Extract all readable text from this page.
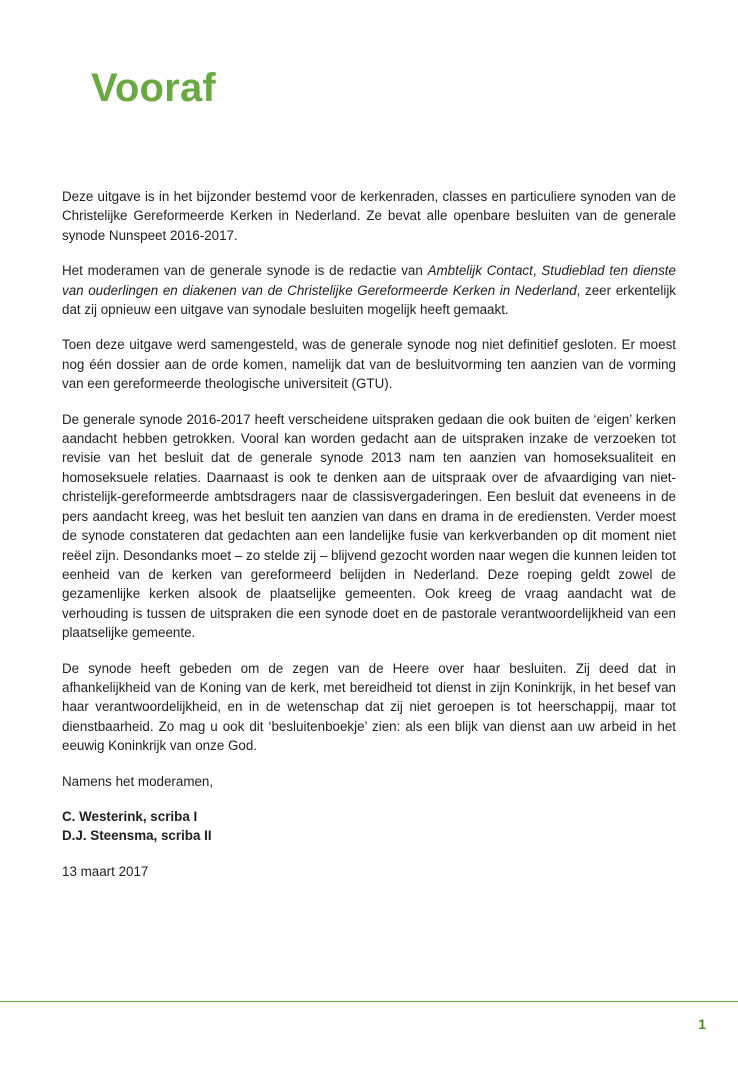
Vooraf

Deze uitgave is in het bijzonder bestemd voor de kerkenraden, classes en particuliere synoden van de Christelijke Gereformeerde Kerken in Nederland. Ze bevat alle openbare besluiten van de generale synode Nunspeet 2016-2017.

Het moderamen van de generale synode is de redactie van Ambtelijk Contact, Studieblad ten dienste van ouderlingen en diakenen van de Christelijke Gereformeerde Kerken in Nederland, zeer erkentelijk dat zij opnieuw een uitgave van synodale besluiten mogelijk heeft gemaakt.

Toen deze uitgave werd samengesteld, was de generale synode nog niet definitief gesloten. Er moest nog één dossier aan de orde komen, namelijk dat van de besluitvorming ten aanzien van de vorming van een gereformeerde theologische universiteit (GTU).

De generale synode 2016-2017 heeft verscheidene uitspraken gedaan die ook buiten de ‘eigen’ kerken aandacht hebben getrokken. Vooral kan worden gedacht aan de uitspraken inzake de verzoeken tot revisie van het besluit dat de generale synode 2013 nam ten aanzien van homoseksualiteit en homoseksuele relaties. Daarnaast is ook te denken aan de uitspraak over de afvaardiging van niet-christelijk-gereformeerde ambtsdragers naar de classisvergaderingen. Een besluit dat eveneens in de pers aandacht kreeg, was het besluit ten aanzien van dans en drama in de erediensten. Verder moest de synode constateren dat gedachten aan een landelijke fusie van kerkverbanden op dit moment niet reëel zijn. Desondanks moet – zo stelde zij – blijvend gezocht worden naar wegen die kunnen leiden tot eenheid van de kerken van gereformeerd belijden in Nederland. Deze roeping geldt zowel de gezamenlijke kerken alsook de plaatselijke gemeenten. Ook kreeg de vraag aandacht wat de verhouding is tussen de uitspraken die een synode doet en de pastorale verantwoordelijkheid van een plaatselijke gemeente.

De synode heeft gebeden om de zegen van de Heere over haar besluiten. Zij deed dat in afhankelijkheid van de Koning van de kerk, met bereidheid tot dienst in zijn Koninkrijk, in het besef van haar verantwoordelijkheid, en in de wetenschap dat zij niet geroepen is tot heerschappij, maar tot dienstbaarheid. Zo mag u ook dit ‘besluitenboekje’ zien: als een blijk van dienst aan uw arbeid in het eeuwig Koninkrijk van onze God.

Namens het moderamen,

C. Westerink, scriba I

D.J. Steensma, scriba II

13 maart 2017

1
